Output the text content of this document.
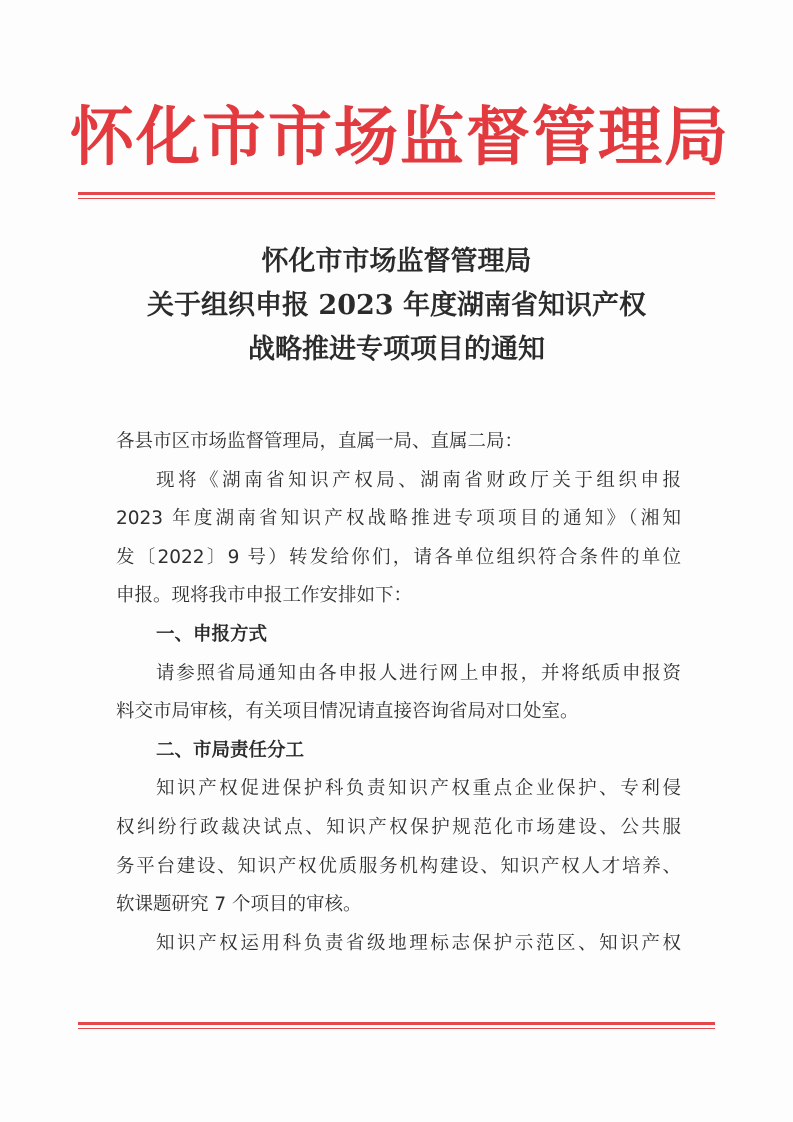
怀化市市场监督管理局
怀化市市场监督管理局
关于组织申报 2023 年度湖南省知识产权
战略推进专项项目的通知
各县市区市场监督管理局，直属一局、直属二局：
现将《湖南省知识产权局、湖南省财政厅关于组织申报
2023 年度湖南省知识产权战略推进专项项目的通知》（湘知
发〔2022〕9 号）转发给你们，请各单位组织符合条件的单位
申报。现将我市申报工作安排如下：
一、申报方式
请参照省局通知由各申报人进行网上申报，并将纸质申报资
料交市局审核，有关项目情况请直接咨询省局对口处室。
二、市局责任分工
知识产权促进保护科负责知识产权重点企业保护、专利侵
权纠纷行政裁决试点、知识产权保护规范化市场建设、公共服
务平台建设、知识产权优质服务机构建设、知识产权人才培养、
软课题研究 7 个项目的审核。
知识产权运用科负责省级地理标志保护示范区、知识产权
